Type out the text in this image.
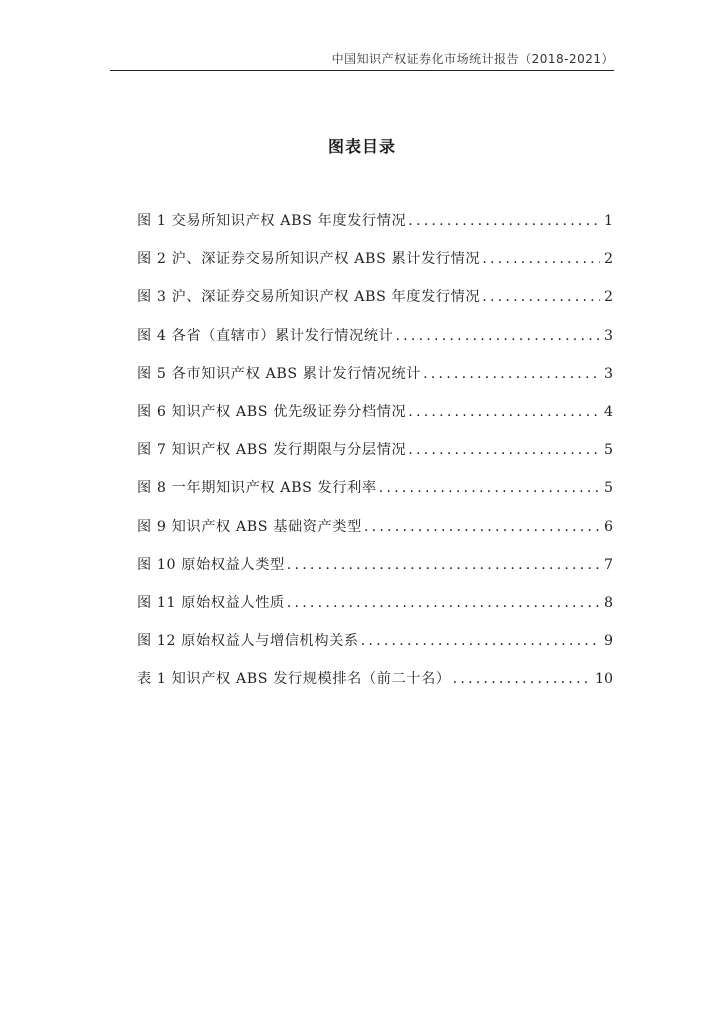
中国知识产权证券化市场统计报告（2018-2021）
图表目录
图 1 交易所知识产权 ABS 年度发行情况 .....	1
图 2 沪、深证券交易所知识产权 ABS 累计发行情况 .....	2
图 3 沪、深证券交易所知识产权 ABS 年度发行情况 .....	2
图 4 各省（直辖市）累计发行情况统计 .....	3
图 5 各市知识产权 ABS 累计发行情况统计 .....	3
图 6 知识产权 ABS 优先级证券分档情况 .....	4
图 7 知识产权 ABS 发行期限与分层情况 .....	5
图 8 一年期知识产权 ABS 发行利率 .....	5
图 9 知识产权 ABS 基础资产类型 .....	6
图 10 原始权益人类型 .....	7
图 11 原始权益人性质 .....	8
图 12 原始权益人与增信机构关系 .....	9
表 1 知识产权 ABS 发行规模排名（前二十名） .....	10
